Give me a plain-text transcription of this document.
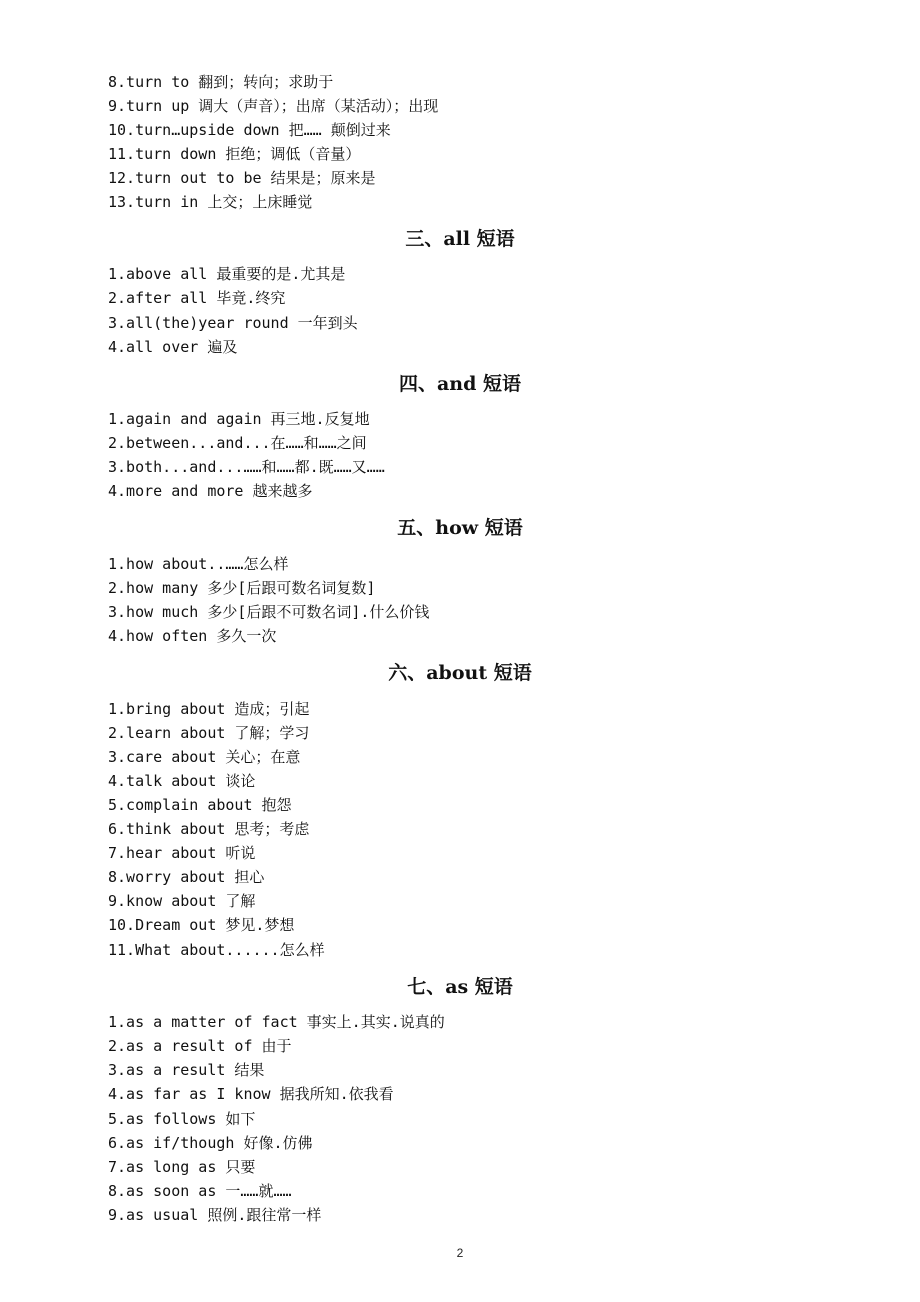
8.turn to 翻到；转向；求助于
9.turn up 调大（声音）；出席（某活动）；出现
10.turn…upside down 把…… 颠倒过来
11.turn down 拒绝；调低（音量）
12.turn out to be 结果是；原来是
13.turn in 上交；上床睡觉
三、all 短语
1.above all 最重要的是.尤其是
2.after all 毕竟.终究
3.all(the)year round 一年到头
4.all over 遍及
四、and 短语
1.again and again 再三地.反复地
2.between...and...在……和……之间
3.both...and...……和……都.既……又……
4.more and more 越来越多
五、how 短语
1.how about..……怎么样
2.how many 多少[后跟可数名词复数]
3.how much 多少[后跟不可数名词].什么价钱
4.how often 多久一次
六、about 短语
1.bring about 造成；引起
2.learn about 了解；学习
3.care about 关心；在意
4.talk about 谈论
5.complain about 抱怨
6.think about 思考；考虑
7.hear about 听说
8.worry about 担心
9.know about 了解
10.Dream out 梦见.梦想
11.What about......怎么样
七、as 短语
1.as a matter of fact 事实上.其实.说真的
2.as a result of 由于
3.as a result 结果
4.as far as I know 据我所知.依我看
5.as follows 如下
6.as if/though 好像.仿佛
7.as long as 只要
8.as soon as 一……就……
9.as usual 照例.跟往常一样
2
